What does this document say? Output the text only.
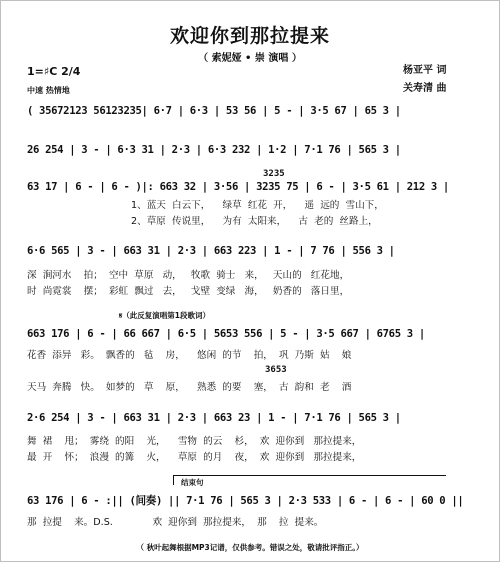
欢迎你到那拉提来
（ 索妮娅 • 崇 演唱 ）
杨亚平 词
关寿清 曲
1=♯C 2/4
中速 热情地
( 35672123 56123235| 6·7 | 6·3 | 53 56 | 5 - | 3·5 67 | 65 3 |
26 254 | 3 - | 6·3 31 | 2·3 | 6·3 232 | 1·2 | 7·1 76 | 565 3 |
3235
63 17 | 6 - | 6 - )|: 663 32 | 3·56 | 3235 75 | 6 - | 3·5 61 | 212 3 |
1、蓝天  白云下，    绿草  红花  开，    遥  远的  雪山下，
2、草原  传说里，    为有  太阳来，    古  老的  丝路上，
6·6 565 | 3 - | 663 31 | 2·3 | 663 223 | 1 - | 7 76 | 556 3 |
深  涧河水    拍；  空中  草原   动，   牧歌  骑士   来，   天山的   红花地，
时  尚霓裳    摆；  彩虹  飘过   去，   戈壁  变绿   海，   奶香的   落日里，
𝄋（此反复演唱第1段歌词）
663 176 | 6 - | 66 667 | 6·5 | 5653 556 | 5 - | 3·5 667 | 6765 3 |
花香  添异   彩。  飘香的   毡    房，    悠闲  的节    拍，  巩  乃斯  姑    娘
3653
天马  奔腾   快。  如梦的   草    原，    熟悉  的要    塞，  古  韵和  老    酒
2·6 254 | 3 - | 663 31 | 2·3 | 663 23 | 1 - | 7·1 76 | 565 3 |
舞  裙    甩；  雾绕  的阳    光，    雪物  的云    杉，  欢  迎你到   那拉提来，
最  开    怀；  浪漫  的篝    火，    草原  的月    夜，  欢  迎你到   那拉提来，
结束句
63 176 | 6 - :|| (间奏) || 7·1 76 | 565 3 | 2·3 533 | 6 - | 6 - | 60 0 ||
那  拉提    来。D.S.             欢  迎你到  那拉提来，  那    拉  提来。
（ 秋叶起舞根据MP3记谱，仅供参考。错误之处，敬请批评指正。）
